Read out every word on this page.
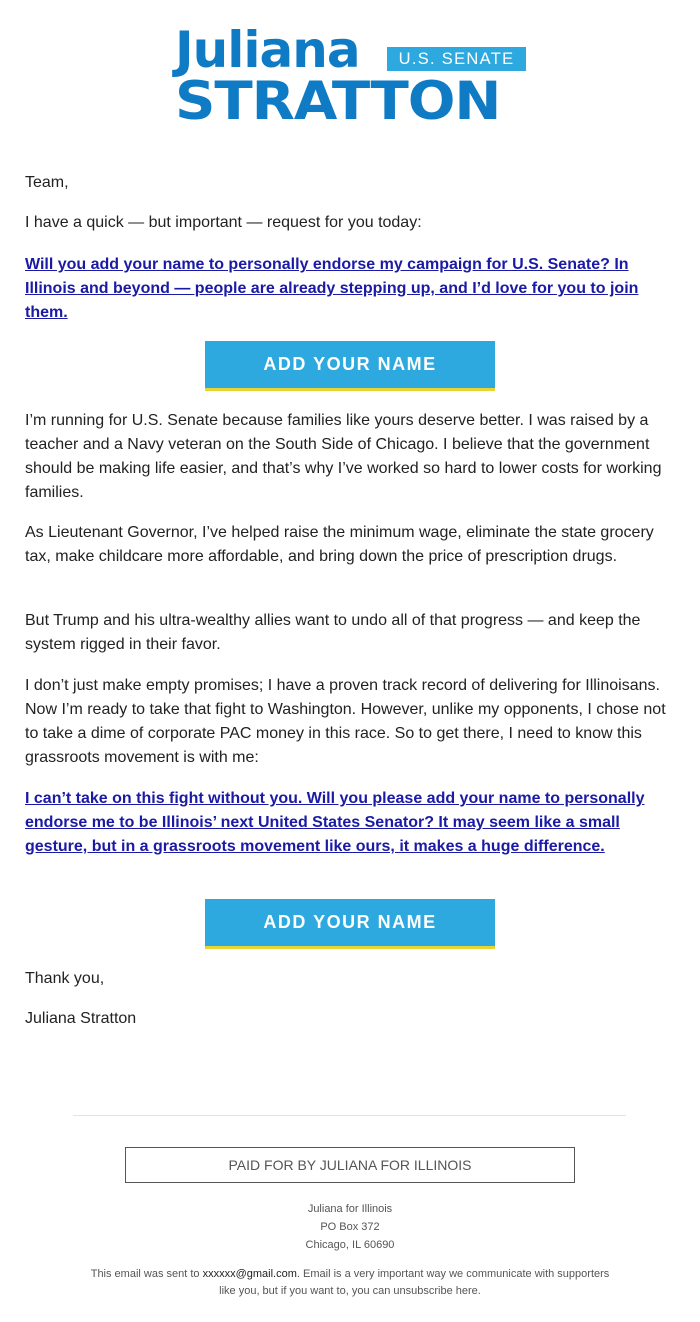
Juliana	U.S. SENATE
STRATTON

Team,

I have a quick — but important — request for you today:

Will you add your name to personally endorse my campaign for U.S. Senate? In Illinois and beyond — people are already stepping up, and I’d love for you to join them.

I’m running for U.S. Senate because families like yours deserve better. I was raised by a teacher and a Navy veteran on the South Side of Chicago. I believe that the government should be making life easier, and that’s why I’ve worked so hard to lower costs for working families.

As Lieutenant Governor, I’ve helped raise the minimum wage, eliminate the state grocery tax, make childcare more affordable, and bring down the price of prescription drugs.

But Trump and his ultra-wealthy allies want to undo all of that progress — and keep the system rigged in their favor.

I don’t just make empty promises; I have a proven track record of delivering for Illinoisans. Now I’m ready to take that fight to Washington. However, unlike my opponents, I chose not to take a dime of corporate PAC money in this race. So to get there, I need to know this grassroots movement is with me:

I can’t take on this fight without you. Will you please add your name to personally endorse me to be Illinois’ next United States Senator? It may seem like a small gesture, but in a grassroots movement like ours, it makes a huge difference.

Thank you,

Juliana Stratton

ADD YOUR NAME
ADD YOUR NAME
PAID FOR BY JULIANA FOR ILLINOIS
Juliana for Illinois
PO Box 372
Chicago, IL 60690
This email was sent to xxxxxx@gmail.com. Email is a very important way we communicate with supporters like you, but if you want to, you can unsubscribe here.
